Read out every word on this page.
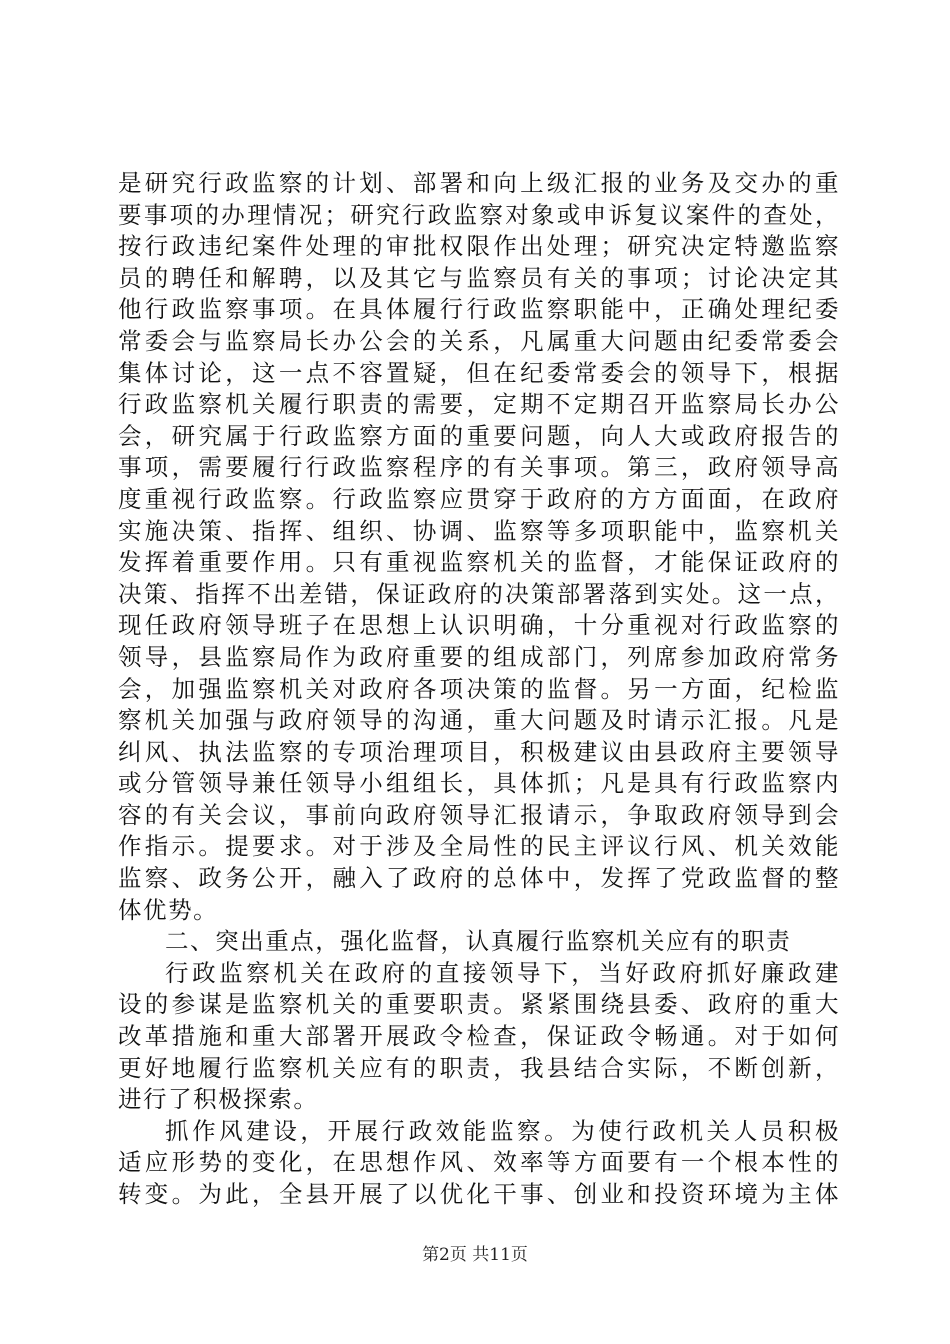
是研究行政监察的计划、部署和向上级汇报的业务及交办的重
要事项的办理情况；研究行政监察对象或申诉复议案件的查处，
按行政违纪案件处理的审批权限作出处理；研究决定特邀监察
员的聘任和解聘，以及其它与监察员有关的事项；讨论决定其
他行政监察事项。在具体履行行政监察职能中，正确处理纪委
常委会与监察局长办公会的关系，凡属重大问题由纪委常委会
集体讨论，这一点不容置疑，但在纪委常委会的领导下，根据
行政监察机关履行职责的需要，定期不定期召开监察局长办公
会，研究属于行政监察方面的重要问题，向人大或政府报告的
事项，需要履行行政监察程序的有关事项。第三，政府领导高
度重视行政监察。行政监察应贯穿于政府的方方面面，在政府
实施决策、指挥、组织、协调、监察等多项职能中，监察机关
发挥着重要作用。只有重视监察机关的监督，才能保证政府的
决策、指挥不出差错，保证政府的决策部署落到实处。这一点，
现任政府领导班子在思想上认识明确，十分重视对行政监察的
领导，县监察局作为政府重要的组成部门，列席参加政府常务
会，加强监察机关对政府各项决策的监督。另一方面，纪检监
察机关加强与政府领导的沟通，重大问题及时请示汇报。凡是
纠风、执法监察的专项治理项目，积极建议由县政府主要领导
或分管领导兼任领导小组组长，具体抓；凡是具有行政监察内
容的有关会议，事前向政府领导汇报请示，争取政府领导到会
作指示。提要求。对于涉及全局性的民主评议行风、机关效能
监察、政务公开，融入了政府的总体中，发挥了党政监督的整
体优势。
二、突出重点，强化监督，认真履行监察机关应有的职责
行政监察机关在政府的直接领导下，当好政府抓好廉政建
设的参谋是监察机关的重要职责。紧紧围绕县委、政府的重大
改革措施和重大部署开展政令检查，保证政令畅通。对于如何
更好地履行监察机关应有的职责，我县结合实际，不断创新，
进行了积极探索。
抓作风建设，开展行政效能监察。为使行政机关人员积极
适应形势的变化，在思想作风、效率等方面要有一个根本性的
转变。为此，全县开展了以优化干事、创业和投资环境为主体
第2页 共11页
